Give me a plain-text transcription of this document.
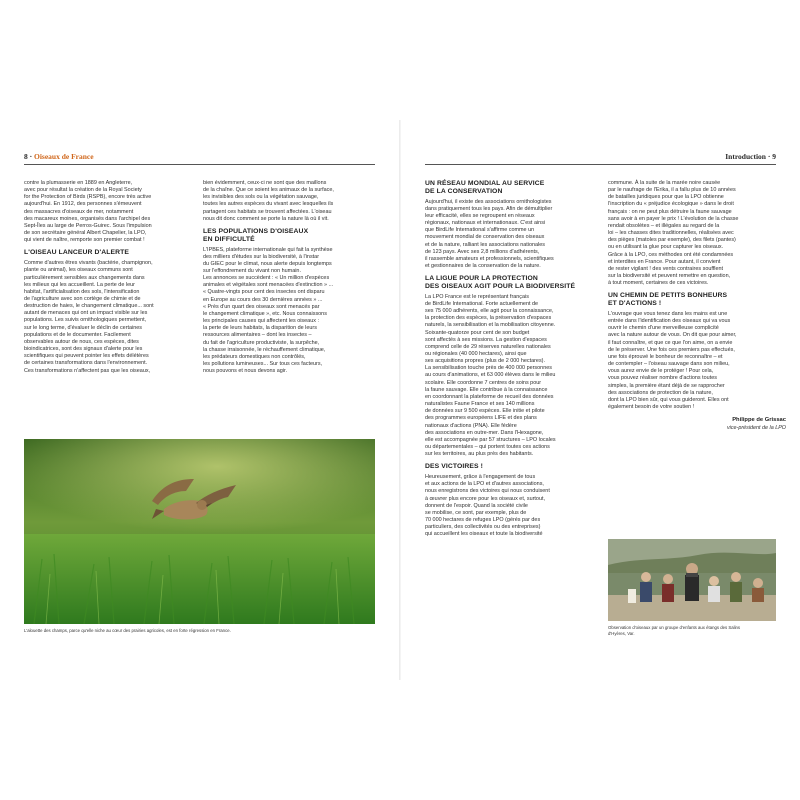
8 · Oiseaux de France

contre la plumasserie en 1889 en Angleterre,

avec pour résultat la création de la Royal Society

for the Protection of Birds (RSPB), encore très active

aujourd'hui. En 1912, des personnes s'émeuvent

des massacres d'oiseaux de mer, notamment

des macareux moines, organisés dans l'archipel des

Sept-Îles au large de Perros-Guirec. Sous l'impulsion

de son secrétaire général Albert Chapelier, la LPO,

qui vient de naître, remporte son premier combat !

L'OISEAU LANCEUR D'ALERTE

Comme d'autres êtres vivants (bactérie, champignon,

plante ou animal), les oiseaux communs sont

particulièrement sensibles aux changements dans

les milieux qui les accueillent. La perte de leur

habitat, l'artificialisation des sols, l'intensification

de l'agriculture avec son cortège de chimie et de

destruction de haies, le changement climatique... sont

autant de menaces qui ont un impact visible sur les

populations. Les suivis ornithologiques permettent,

sur le long terme, d'évaluer le déclin de certaines

populations et de le documenter. Facilement

observables autour de nous, ces espèces, dites

bioindicatrices, sont des signaux d'alerte pour les

scientifiques qui peuvent pointer les effets délétères

de certaines transformations dans l'environnement.

Ces transformations n'affectent pas que les oiseaux,

bien évidemment, ceux-ci ne sont que des maillons

de la chaîne. Que ce soient les animaux de la surface,

les invisibles des sols ou la végétation sauvage,

toutes les autres espèces du vivant avec lesquelles ils

partagent ces habitats se trouvent affectées. L'oiseau

nous dit donc comment se porte la nature là où il vit.

LES POPULATIONS D'OISEAUX
EN DIFFICULTÉ

L'IPBES, plateforme internationale qui fait la synthèse

des milliers d'études sur la biodiversité, à l'instar

du GIEC pour le climat, nous alerte depuis longtemps

sur l'effondrement du vivant non humain.

Les annonces se succèdent : « Un million d'espèces

animales et végétales sont menacées d'extinction » ...

« Quatre-vingts pour cent des insectes ont disparu

en Europe au cours des 30 dernières années » ...

« Près d'un quart des oiseaux sont menacés par

le changement climatique », etc. Nous connaissons

les principales causes qui affectent les oiseaux :

la perte de leurs habitats, la disparition de leurs

ressources alimentaires – dont les insectes –

du fait de l'agriculture productiviste, la surpêche,

la chasse irraisonnée, le réchauffement climatique,

les prédateurs domestiques non contrôlés,

les pollutions lumineuses... Sur tous ces facteurs,

nous pouvons et nous devons agir.

L'alouette des champs, parce qu'elle niche au cœur des prairies agricoles, est en forte régression en France.
Introduction · 9
UN RÉSEAU MONDIAL AU SERVICE
DE LA CONSERVATION

Aujourd'hui, il existe des associations ornithologistes

dans pratiquement tous les pays. Afin de démultiplier

leur efficacité, elles se regroupent en réseaux

régionaux, nationaux et internationaux. C'est ainsi

que BirdLife International s'affirme comme un

mouvement mondial de conservation des oiseaux

et de la nature, ralliant les associations nationales

de 123 pays. Avec ses 2,8 millions d'adhérents,

il rassemble amateurs et professionnels, scientifiques

et gestionnaires de la conservation de la nature.

LA LIGUE POUR LA PROTECTION
DES OISEAUX AGIT POUR LA BIODIVERSITÉ

La LPO France est le représentant français

de BirdLife International. Forte actuellement de

ses 75 000 adhérents, elle agit pour la connaissance,

la protection des espèces, la préservation d'espaces

naturels, la sensibilisation et la mobilisation citoyenne.

Soixante-quatorze pour cent de son budget

sont affectés à ses missions. La gestion d'espaces

comprend celle de 29 réserves naturelles nationales

ou régionales (40 000 hectares), ainsi que

ses acquisitions propres (plus de 2 000 hectares).

La sensibilisation touche près de 400 000 personnes

au cours d'animations, et 63 000 élèves dans le milieu

scolaire. Elle coordonne 7 centres de soins pour

la faune sauvage. Elle contribue à la connaissance

en coordonnant la plateforme de recueil des données

naturalistes Faune France et ses 140 millions

de données sur 9 500 espèces. Elle initie et pilote

des programmes européens LIFE et des plans

nationaux d'actions (PNA). Elle fédère

des associations en outre-mer. Dans l'Hexagone,

elle est accompagnée par 57 structures – LPO locales

ou départementales – qui portent toutes ces actions

sur les territoires, au plus près des habitants.

DES VICTOIRES !

Heureusement, grâce à l'engagement de tous

et aux actions de la LPO et d'autres associations,

nous enregistrons des victoires qui nous conduisent

à œuvrer plus encore pour les oiseaux et, surtout,

donnent de l'espoir. Quand la société civile

se mobilise, ce sont, par exemple, plus de

70 000 hectares de refuges LPO (gérés par des

particuliers, des collectivités ou des entreprises)

qui accueillent les oiseaux et toute la biodiversité

commune. À la suite de la marée noire causée

par le naufrage de l'Erika, il a fallu plus de 10 années

de batailles juridiques pour que la LPO obtienne

l'inscription du « préjudice écologique » dans le droit

français : on ne peut plus détruire la faune sauvage

sans avoir à en payer le prix ! L'évolution de la chasse

rendait obsolètes – et illégales au regard de la

loi – les chasses dites traditionnelles, réalisées avec

des pièges (matoles par exemple), des filets (pantes)

ou en utilisant la glue pour capturer les oiseaux.

Grâce à la LPO, ces méthodes ont été condamnées

et interdites en France. Pour autant, il convient

de rester vigilant ! des vents contraires soufflent

sur la biodiversité et peuvent remettre en question,

à tout moment, certaines de ces victoires.

UN CHEMIN DE PETITS BONHEURS
ET D'ACTIONS !

L'ouvrage que vous tenez dans les mains est une

entrée dans l'identification des oiseaux qui va vous

ouvrir le chemin d'une merveilleuse complicité

avec la nature autour de vous. On dit que pour aimer,

il faut connaître, et que ce que l'on aime, on a envie

de le préserver. Une fois ces premiers pas effectués,

une fois éprouvé le bonheur de reconnaître – et

de contempler – l'oiseau sauvage dans son milieu,

vous aurez envie de le protéger ! Pour cela,

vous pouvez réaliser nombre d'actions toutes

simples, la première étant déjà de se rapprocher

des associations de protection de la nature,

dont la LPO bien sûr, qui vous guideront. Elles ont

également besoin de votre soutien !

Philippe de Grissac
vice-président de la LPO
Observation d'oiseaux par un groupe d'enfants aux étangs des Salins
d'Hyères, Var.
